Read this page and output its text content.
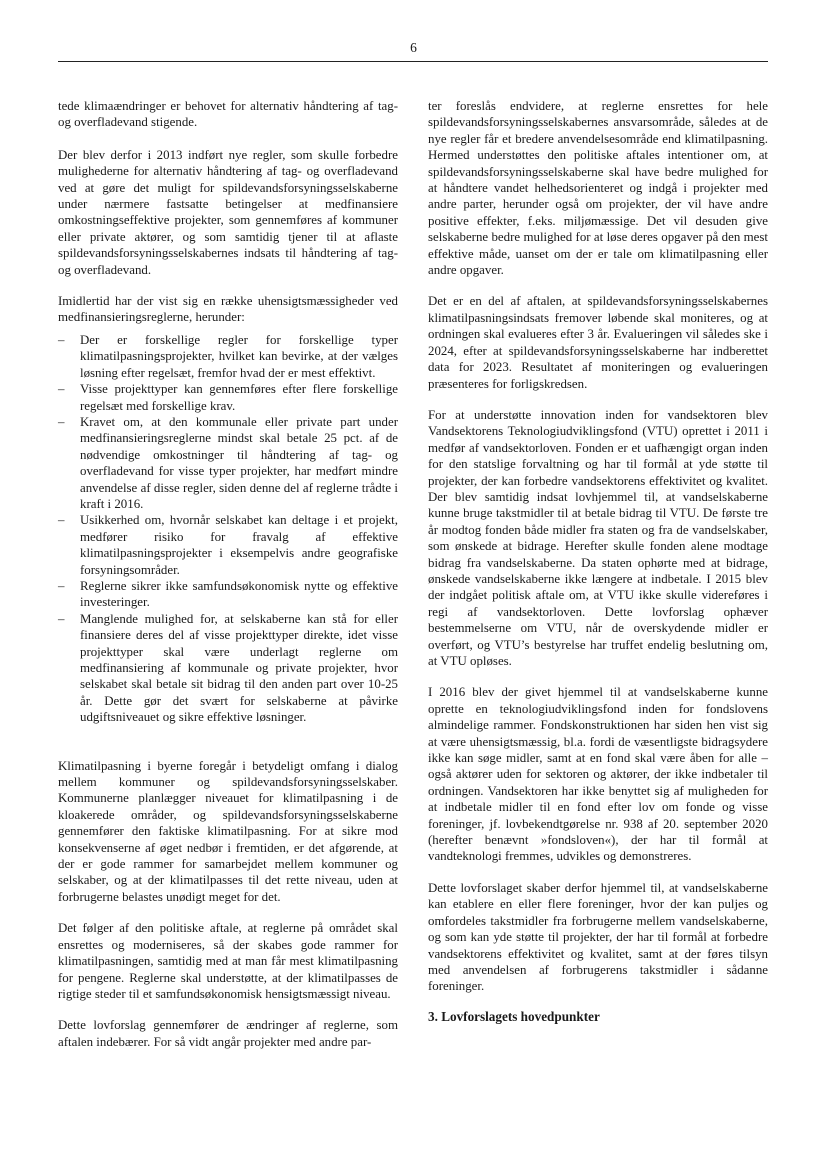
6

tede klimaændringer er behovet for alternativ håndtering af tag- og overfladevand stigende.

Der blev derfor i 2013 indført nye regler, som skulle forbedre mulighederne for alternativ håndtering af tag- og overfladevand ved at gøre det muligt for spildevandsforsyningsselskaberne under nærmere fastsatte betingelser at medfinansiere omkostningseffektive projekter, som gennemføres af kommuner eller private aktører, og som samtidig tjener til at aflaste spildevandsforsyningsselskabernes indsats til håndtering af tag- og overfladevand.

Imidlertid har der vist sig en række uhensigtsmæssigheder ved medfinansieringsreglerne, herunder:

– Der er forskellige regler for forskellige typer klimatilpasningsprojekter, hvilket kan bevirke, at der vælges løsning efter regelsæt, fremfor hvad der er mest effektivt.
– Visse projekttyper kan gennemføres efter flere forskellige regelsæt med forskellige krav.
– Kravet om, at den kommunale eller private part under medfinansieringsreglerne mindst skal betale 25 pct. af de nødvendige omkostninger til håndtering af tag- og overfladevand for visse typer projekter, har medført mindre anvendelse af disse regler, siden denne del af reglerne trådte i kraft i 2016.
– Usikkerhed om, hvornår selskabet kan deltage i et projekt, medfører risiko for fravalg af effektive klimatilpasningsprojekter i eksempelvis andre geografiske forsyningsområder.
– Reglerne sikrer ikke samfundsøkonomisk nytte og effektive investeringer.
– Manglende mulighed for, at selskaberne kan stå for eller finansiere deres del af visse projekttyper direkte, idet visse projekttyper skal være underlagt reglerne om medfinansiering af kommunale og private projekter, hvor selskabet skal betale sit bidrag til den anden part over 10-25 år. Dette gør det svært for selskaberne at påvirke udgiftsniveauet og sikre effektive løsninger.

Klimatilpasning i byerne foregår i betydeligt omfang i dialog mellem kommuner og spildevandsforsyningsselskaber. Kommunerne planlægger niveauet for klimatilpasning i de kloakerede områder, og spildevandsforsyningsselskaberne gennemfører den faktiske klimatilpasning. For at sikre mod konsekvenserne af øget nedbør i fremtiden, er det afgørende, at der er gode rammer for samarbejdet mellem kommuner og selskaber, og at der klimatilpasses til det rette niveau, uden at forbrugerne belastes unødigt meget for det.

Det følger af den politiske aftale, at reglerne på området skal ensrettes og moderniseres, så der skabes gode rammer for klimatilpasningen, samtidig med at man får mest klimatilpasning for pengene. Reglerne skal understøtte, at der klimatilpasses de rigtige steder til et samfundsøkonomisk hensigtsmæssigt niveau.

Dette lovforslag gennemfører de ændringer af reglerne, som aftalen indebærer. For så vidt angår projekter med andre par-

ter foreslås endvidere, at reglerne ensrettes for hele spildevandsforsyningsselskabernes ansvarsområde, således at de nye regler får et bredere anvendelsesområde end klimatilpasning. Hermed understøttes den politiske aftales intentioner om, at spildevandsforsyningsselskaberne skal have bedre mulighed for at håndtere vandet helhedsorienteret og indgå i projekter med andre parter, herunder også om projekter, der vil have andre positive effekter, f.eks. miljømæssige. Det vil desuden give selskaberne bedre mulighed for at løse deres opgaver på den mest effektive måde, uanset om der er tale om klimatilpasning eller andre opgaver.

Det er en del af aftalen, at spildevandsforsyningsselskabernes klimatilpasningsindsats fremover løbende skal moniteres, og at ordningen skal evalueres efter 3 år. Evalueringen vil således ske i 2024, efter at spildevandsforsyningsselskaberne har indberettet data for 2023. Resultatet af moniteringen og evalueringen præsenteres for forligskredsen.

For at understøtte innovation inden for vandsektoren blev Vandsektorens Teknologiudviklingsfond (VTU) oprettet i 2011 i medfør af vandsektorloven. Fonden er et uafhængigt organ inden for den statslige forvaltning og har til formål at yde støtte til projekter, der kan forbedre vandsektorens effektivitet og kvalitet. Der blev samtidig indsat lovhjemmel til, at vandselskaberne kunne bruge takstmidler til at betale bidrag til VTU. De første tre år modtog fonden både midler fra staten og fra de vandselskaber, som ønskede at bidrage. Herefter skulle fonden alene modtage bidrag fra vandselskaberne. Da staten ophørte med at bidrage, ønskede vandselskaberne ikke længere at indbetale. I 2015 blev der indgået politisk aftale om, at VTU ikke skulle videreføres i regi af vandsektorloven. Dette lovforslag ophæver bestemmelserne om VTU, når de overskydende midler er overført, og VTU’s bestyrelse har truffet endelig beslutning om, at VTU opløses.

I 2016 blev der givet hjemmel til at vandselskaberne kunne oprette en teknologiudviklingsfond inden for fondslovens almindelige rammer. Fondskonstruktionen har siden hen vist sig at være uhensigtsmæssig, bl.a. fordi de væsentligste bidragsydere ikke kan søge midler, samt at en fond skal være åben for alle – også aktører uden for sektoren og aktører, der ikke indbetaler til ordningen. Vandsektoren har ikke benyttet sig af muligheden for at indbetale midler til en fond efter lov om fonde og visse foreninger, jf. lovbekendtgørelse nr. 938 af 20. september 2020 (herefter benævnt »fondsloven«), der har til formål at vandteknologi fremmes, udvikles og demonstreres.

Dette lovforslaget skaber derfor hjemmel til, at vandselskaberne kan etablere en eller flere foreninger, hvor der kan puljes og omfordeles takstmidler fra forbrugerne mellem vandselskaberne, og som kan yde støtte til projekter, der har til formål at forbedre vandsektorens effektivitet og kvalitet, samt at der føres tilsyn med anvendelsen af forbrugerens takstmidler i sådanne foreninger.

3. Lovforslagets hovedpunkter
